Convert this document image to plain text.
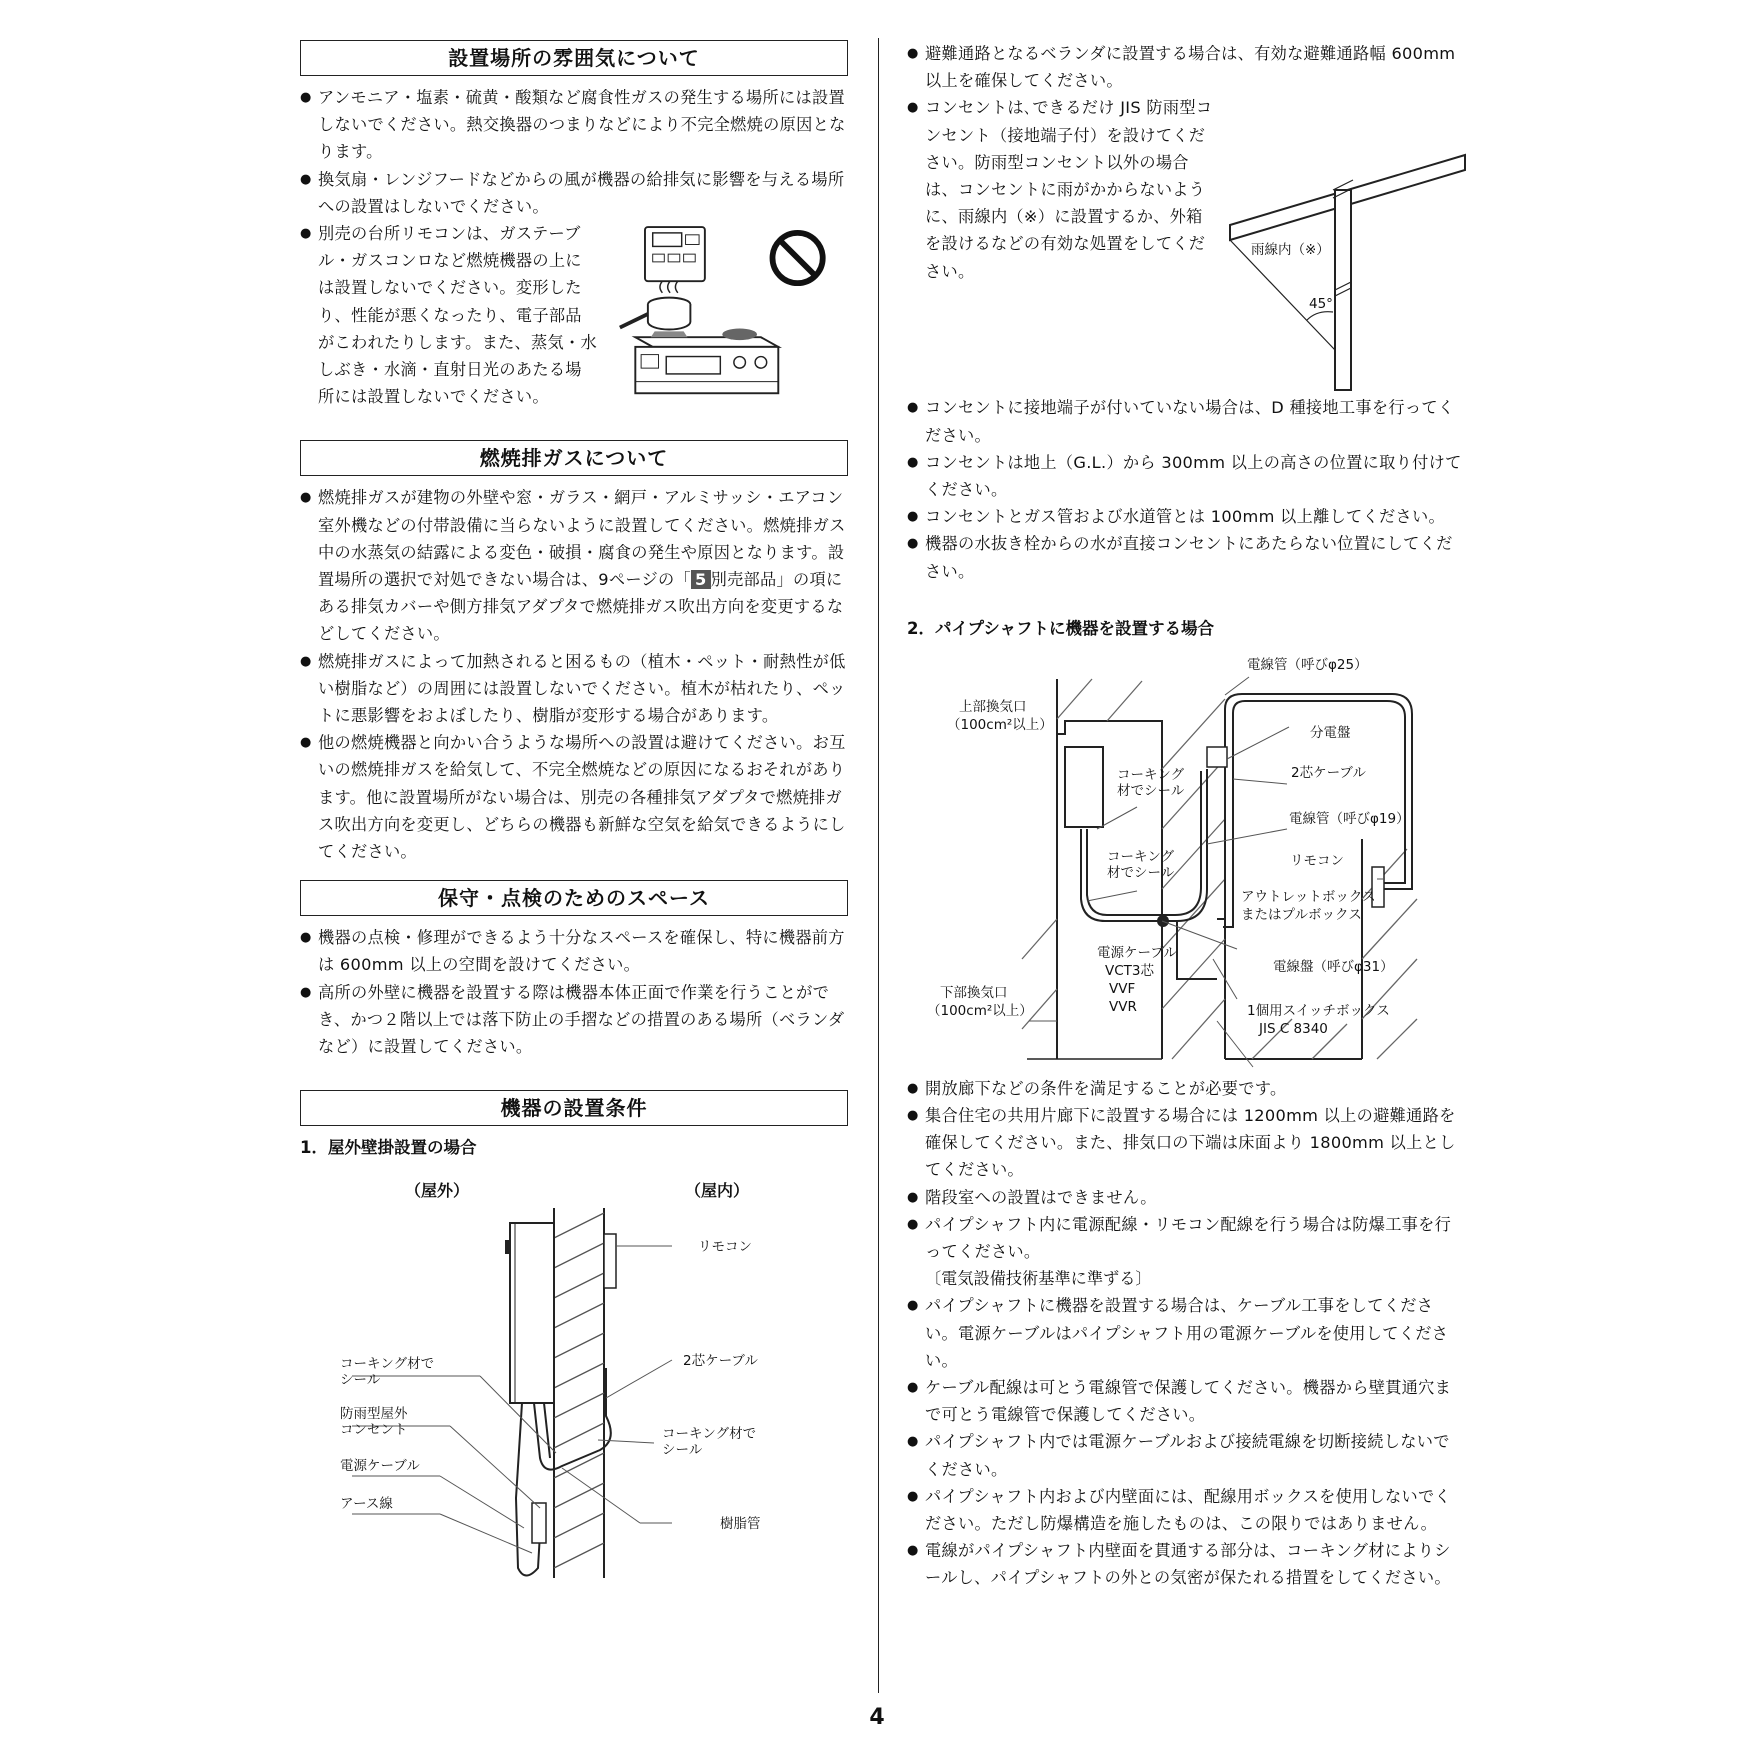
設置場所の雰囲気について
● アンモニア・塩素・硫黄・酸類など腐食性ガスの発生する場所には設置しないでください。熱交換器のつまりなどにより不完全燃焼の原因となります。
● 換気扇・レンジフードなどからの風が機器の給排気に影響を与える場所への設置はしないでください。
● 別売の台所リモコンは、ガステーブル・ガスコンロなど燃焼機器の上には設置しないでください。変形したり、性能が悪くなったり、電子部品がこわれたりします。また、蒸気・水しぶき・水滴・直射日光のあたる場所には設置しないでください。
燃焼排ガスについて
● 燃焼排ガスが建物の外壁や窓・ガラス・網戸・アルミサッシ・エアコン室外機などの付帯設備に当らないように設置してください。燃焼排ガス中の水蒸気の結露による変色・破損・腐食の発生や原因となります。設置場所の選択で対処できない場合は、9ページの「 5 別売部品」の項にある排気カバーや側方排気アダプタで燃焼排ガス吹出方向を変更するなどしてください。
● 燃焼排ガスによって加熱されると困るもの（植木・ペット・耐熱性が低い樹脂など）の周囲には設置しないでください。植木が枯れたり、ペットに悪影響をおよぼしたり、樹脂が変形する場合があります。
● 他の燃焼機器と向かい合うような場所への設置は避けてください。お互いの燃焼排ガスを給気して、不完全燃焼などの原因になるおそれがあります。他に設置場所がない場合は、別売の各種排気アダプタで燃焼排ガス吹出方向を変更し、どちらの機器も新鮮な空気を給気できるようにしてください。
保守・点検のためのスペース
● 機器の点検・修理ができるよう十分なスペースを確保し、特に機器前方は 600mm 以上の空間を設けてください。
● 高所の外壁に機器を設置する際は機器本体正面で作業を行うことができ、かつ２階以上では落下防止の手摺などの措置のある場所（ベランダなど）に設置してください。
機器の設置条件

1．屋外壁掛設置の場合

（屋外）	（屋内）
リモコン
2芯ケーブル
コーキング材で
シール
防雨型屋外
コンセント
電源ケーブル
アース線
コーキング材で
シール
樹脂管
● 避難通路となるベランダに設置する場合は、有効な避難通路幅 600mm 以上を確保してください。
● コンセントは､できるだけ JIS 防雨型コンセント（接地端子付）を設けてください。防雨型コンセント以外の場合は、コンセントに雨がかからないように、雨線内（※）に設置するか、外箱を設けるなどの有効な処置をしてください。
雨線内（※）
45°
● コンセントに接地端子が付いていない場合は、D 種接地工事を行ってください。
● コンセントは地上（G.L.）から 300mm 以上の高さの位置に取り付けてください。
● コンセントとガス管および水道管とは 100mm 以上離してください。
● 機器の水抜き栓からの水が直接コンセントにあたらない位置にしてください。

2．パイプシャフトに機器を設置する場合

電線管（呼びφ25）
上部換気口
（100cm²以上）	分電盤
2芯ケーブル
コーキング
材でシール
電線管（呼びφ19）
コーキング
材でシール
リモコン
アウトレットボックス
またはプルボックス
電源ケーブル
VCT3芯
VVF
VVR
電線盤（呼びφ31）
下部換気口
（100cm²以上）	1個用スイッチボックス
JIS C 8340
● 開放廊下などの条件を満足することが必要です。
● 集合住宅の共用片廊下に設置する場合には 1200mm 以上の避難通路を確保してください。また、排気口の下端は床面より 1800mm 以上としてください。
● 階段室への設置はできません。
● パイプシャフト内に電源配線・リモコン配線を行う場合は防爆工事を行ってください。
〔電気設備技術基準に準ずる〕
● パイプシャフトに機器を設置する場合は、ケーブル工事をしてください。電源ケーブルはパイプシャフト用の電源ケーブルを使用してください。
● ケーブル配線は可とう電線管で保護してください。機器から壁貫通穴まで可とう電線管で保護してください。
● パイプシャフト内では電源ケーブルおよび接続電線を切断接続しないでください。
● パイプシャフト内および内壁面には、配線用ボックスを使用しないでください。ただし防爆構造を施したものは、この限りではありません。
● 電線がパイプシャフト内壁面を貫通する部分は、コーキング材によりシールし、パイプシャフトの外との気密が保たれる措置をしてください。
4
